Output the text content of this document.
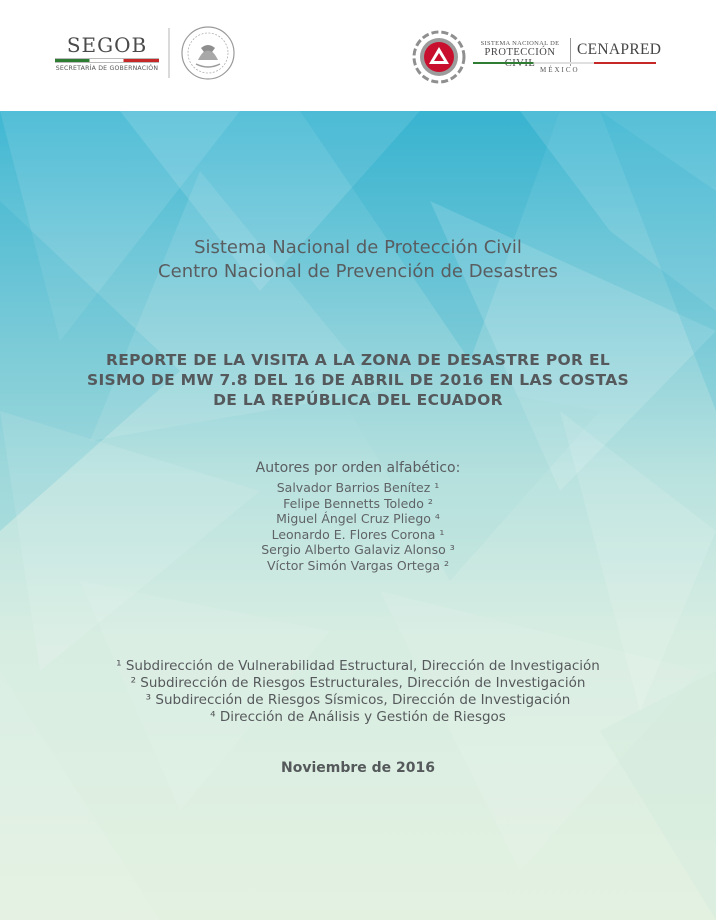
SEGOB
SECRETARÍA DE GOBERNACIÓN
SISTEMA NACIONAL DE
PROTECCIÓN	CENAPRED
MÉXICO
Sistema Nacional de Protección Civil
Centro Nacional de Prevención de Desastres
REPORTE DE LA VISITA A LA ZONA DE DESASTRE POR EL
SISMO DE MW 7.8 DEL 16 DE ABRIL DE 2016 EN LAS COSTAS
DE LA REPÚBLICA DEL ECUADOR
Autores por orden alfabético:
Salvador Barrios Benítez ¹
Felipe Bennetts Toledo ²
Miguel Ángel Cruz Pliego ⁴
Leonardo E. Flores Corona ¹
Sergio Alberto Galaviz Alonso ³
Víctor Simón Vargas Ortega ²
¹ Subdirección de Vulnerabilidad Estructural, Dirección de Investigación
² Subdirección de Riesgos Estructurales, Dirección de Investigación
³ Subdirección de Riesgos Sísmicos, Dirección de Investigación
⁴ Dirección de Análisis y Gestión de Riesgos
Noviembre de 2016
